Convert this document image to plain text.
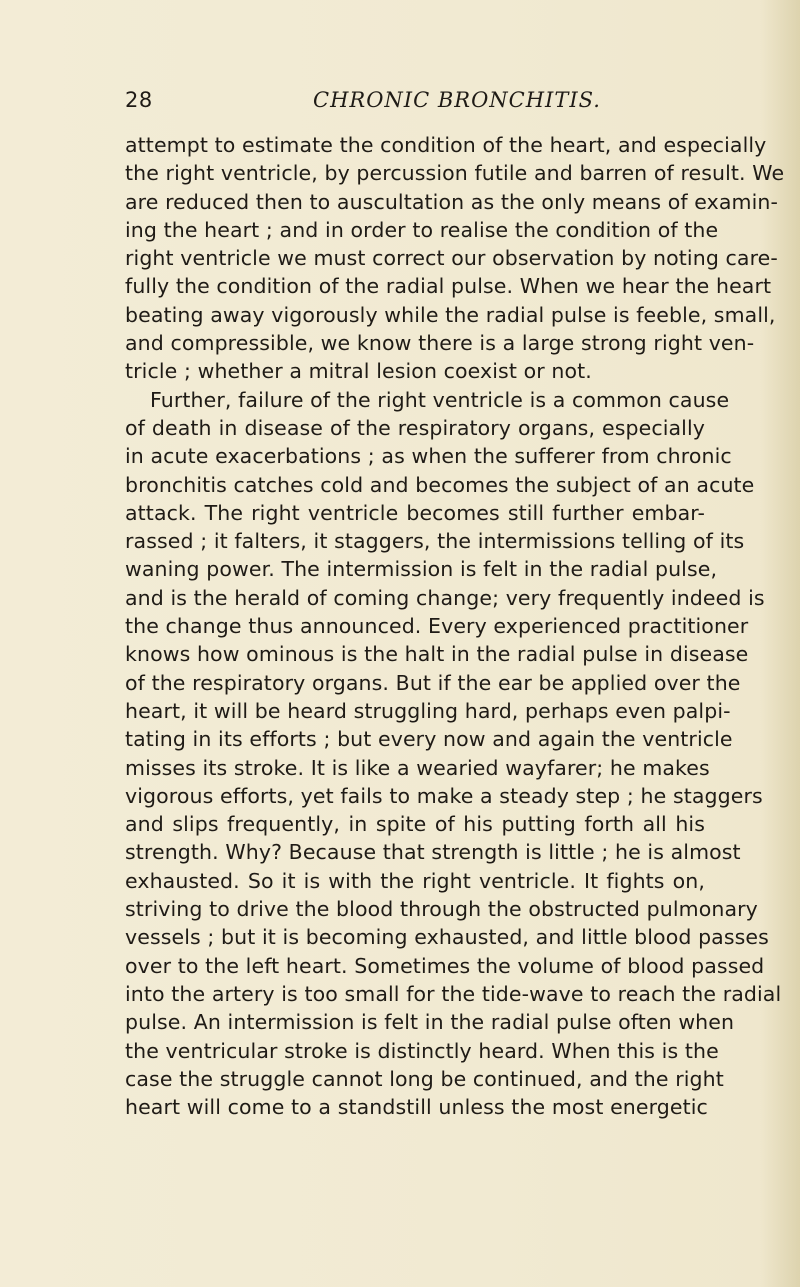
28	CHRONIC BRONCHITIS.
attempt to estimate the condition of the heart, and especially
the right ventricle, by percussion futile and barren of result. We
are reduced then to auscultation as the only means of examin-
ing the heart ; and in order to realise the condition of the
right ventricle we must correct our observation by noting care-
fully the condition of the radial pulse. When we hear the heart
beating away vigorously while the radial pulse is feeble, small,
and compressible, we know there is a large strong right ven-
tricle ; whether a mitral lesion coexist or not.
Further, failure of the right ventricle is a common cause
of death in disease of the respiratory organs, especially
in acute exacerbations ; as when the sufferer from chronic
bronchitis catches cold and becomes the subject of an acute
attack. The right ventricle becomes still further embar-
rassed ; it falters, it staggers, the intermissions telling of its
waning power. The intermission is felt in the radial pulse,
and is the herald of coming change; very frequently indeed is
the change thus announced. Every experienced practitioner
knows how ominous is the halt in the radial pulse in disease
of the respiratory organs. But if the ear be applied over the
heart, it will be heard struggling hard, perhaps even palpi-
tating in its efforts ; but every now and again the ventricle
misses its stroke. It is like a wearied wayfarer; he makes
vigorous efforts, yet fails to make a steady step ; he staggers
and slips frequently, in spite of his putting forth all his
strength. Why? Because that strength is little ; he is almost
exhausted. So it is with the right ventricle. It fights on,
striving to drive the blood through the obstructed pulmonary
vessels ; but it is becoming exhausted, and little blood passes
over to the left heart. Sometimes the volume of blood passed
into the artery is too small for the tide-wave to reach the radial
pulse. An intermission is felt in the radial pulse often when
the ventricular stroke is distinctly heard. When this is the
case the struggle cannot long be continued, and the right
heart will come to a standstill unless the most energetic
